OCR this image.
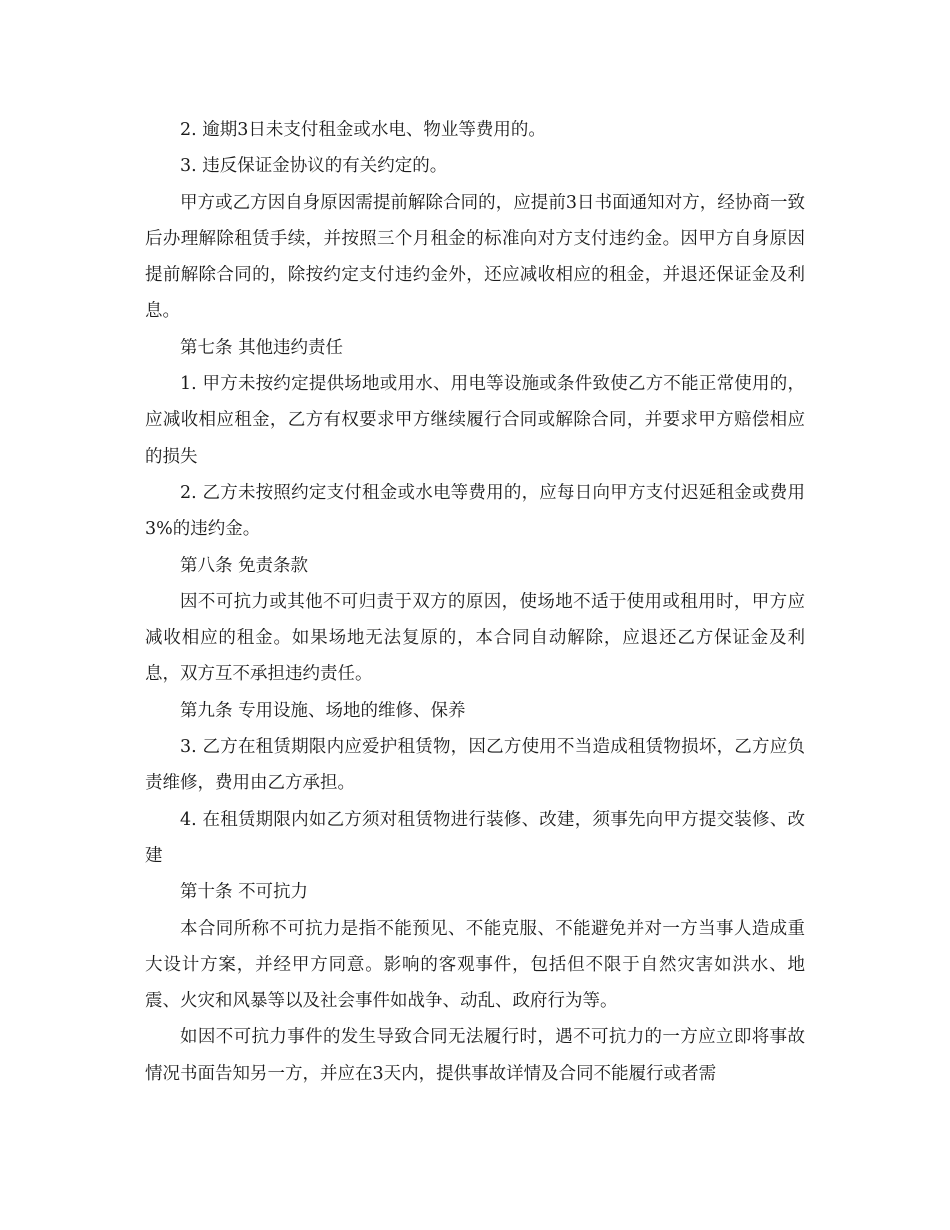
2. 逾期3日未支付租金或水电、物业等费用的。

3. 违反保证金协议的有关约定的。

甲方或乙方因自身原因需提前解除合同的，应提前3日书面通知对方，经协商一致后办理解除租赁手续，并按照三个月租金的标准向对方支付违约金。因甲方自身原因提前解除合同的，除按约定支付违约金外，还应减收相应的租金，并退还保证金及利息。

第七条 其他违约责任

1. 甲方未按约定提供场地或用水、用电等设施或条件致使乙方不能正常使用的，应减收相应租金，乙方有权要求甲方继续履行合同或解除合同，并要求甲方赔偿相应的损失

2. 乙方未按照约定支付租金或水电等费用的，应每日向甲方支付迟延租金或费用3%的违约金。

第八条 免责条款

因不可抗力或其他不可归责于双方的原因，使场地不适于使用或租用时，甲方应减收相应的租金。如果场地无法复原的，本合同自动解除，应退还乙方保证金及利息，双方互不承担违约责任。

第九条 专用设施、场地的维修、保养

3. 乙方在租赁期限内应爱护租赁物，因乙方使用不当造成租赁物损坏，乙方应负责维修，费用由乙方承担。

4. 在租赁期限内如乙方须对租赁物进行装修、改建，须事先向甲方提交装修、改建

第十条 不可抗力

本合同所称不可抗力是指不能预见、不能克服、不能避免并对一方当事人造成重大设计方案，并经甲方同意。影响的客观事件，包括但不限于自然灾害如洪水、地震、火灾和风暴等以及社会事件如战争、动乱、政府行为等。

如因不可抗力事件的发生导致合同无法履行时，遇不可抗力的一方应立即将事故情况书面告知另一方，并应在3天内，提供事故详情及合同不能履行或者需
